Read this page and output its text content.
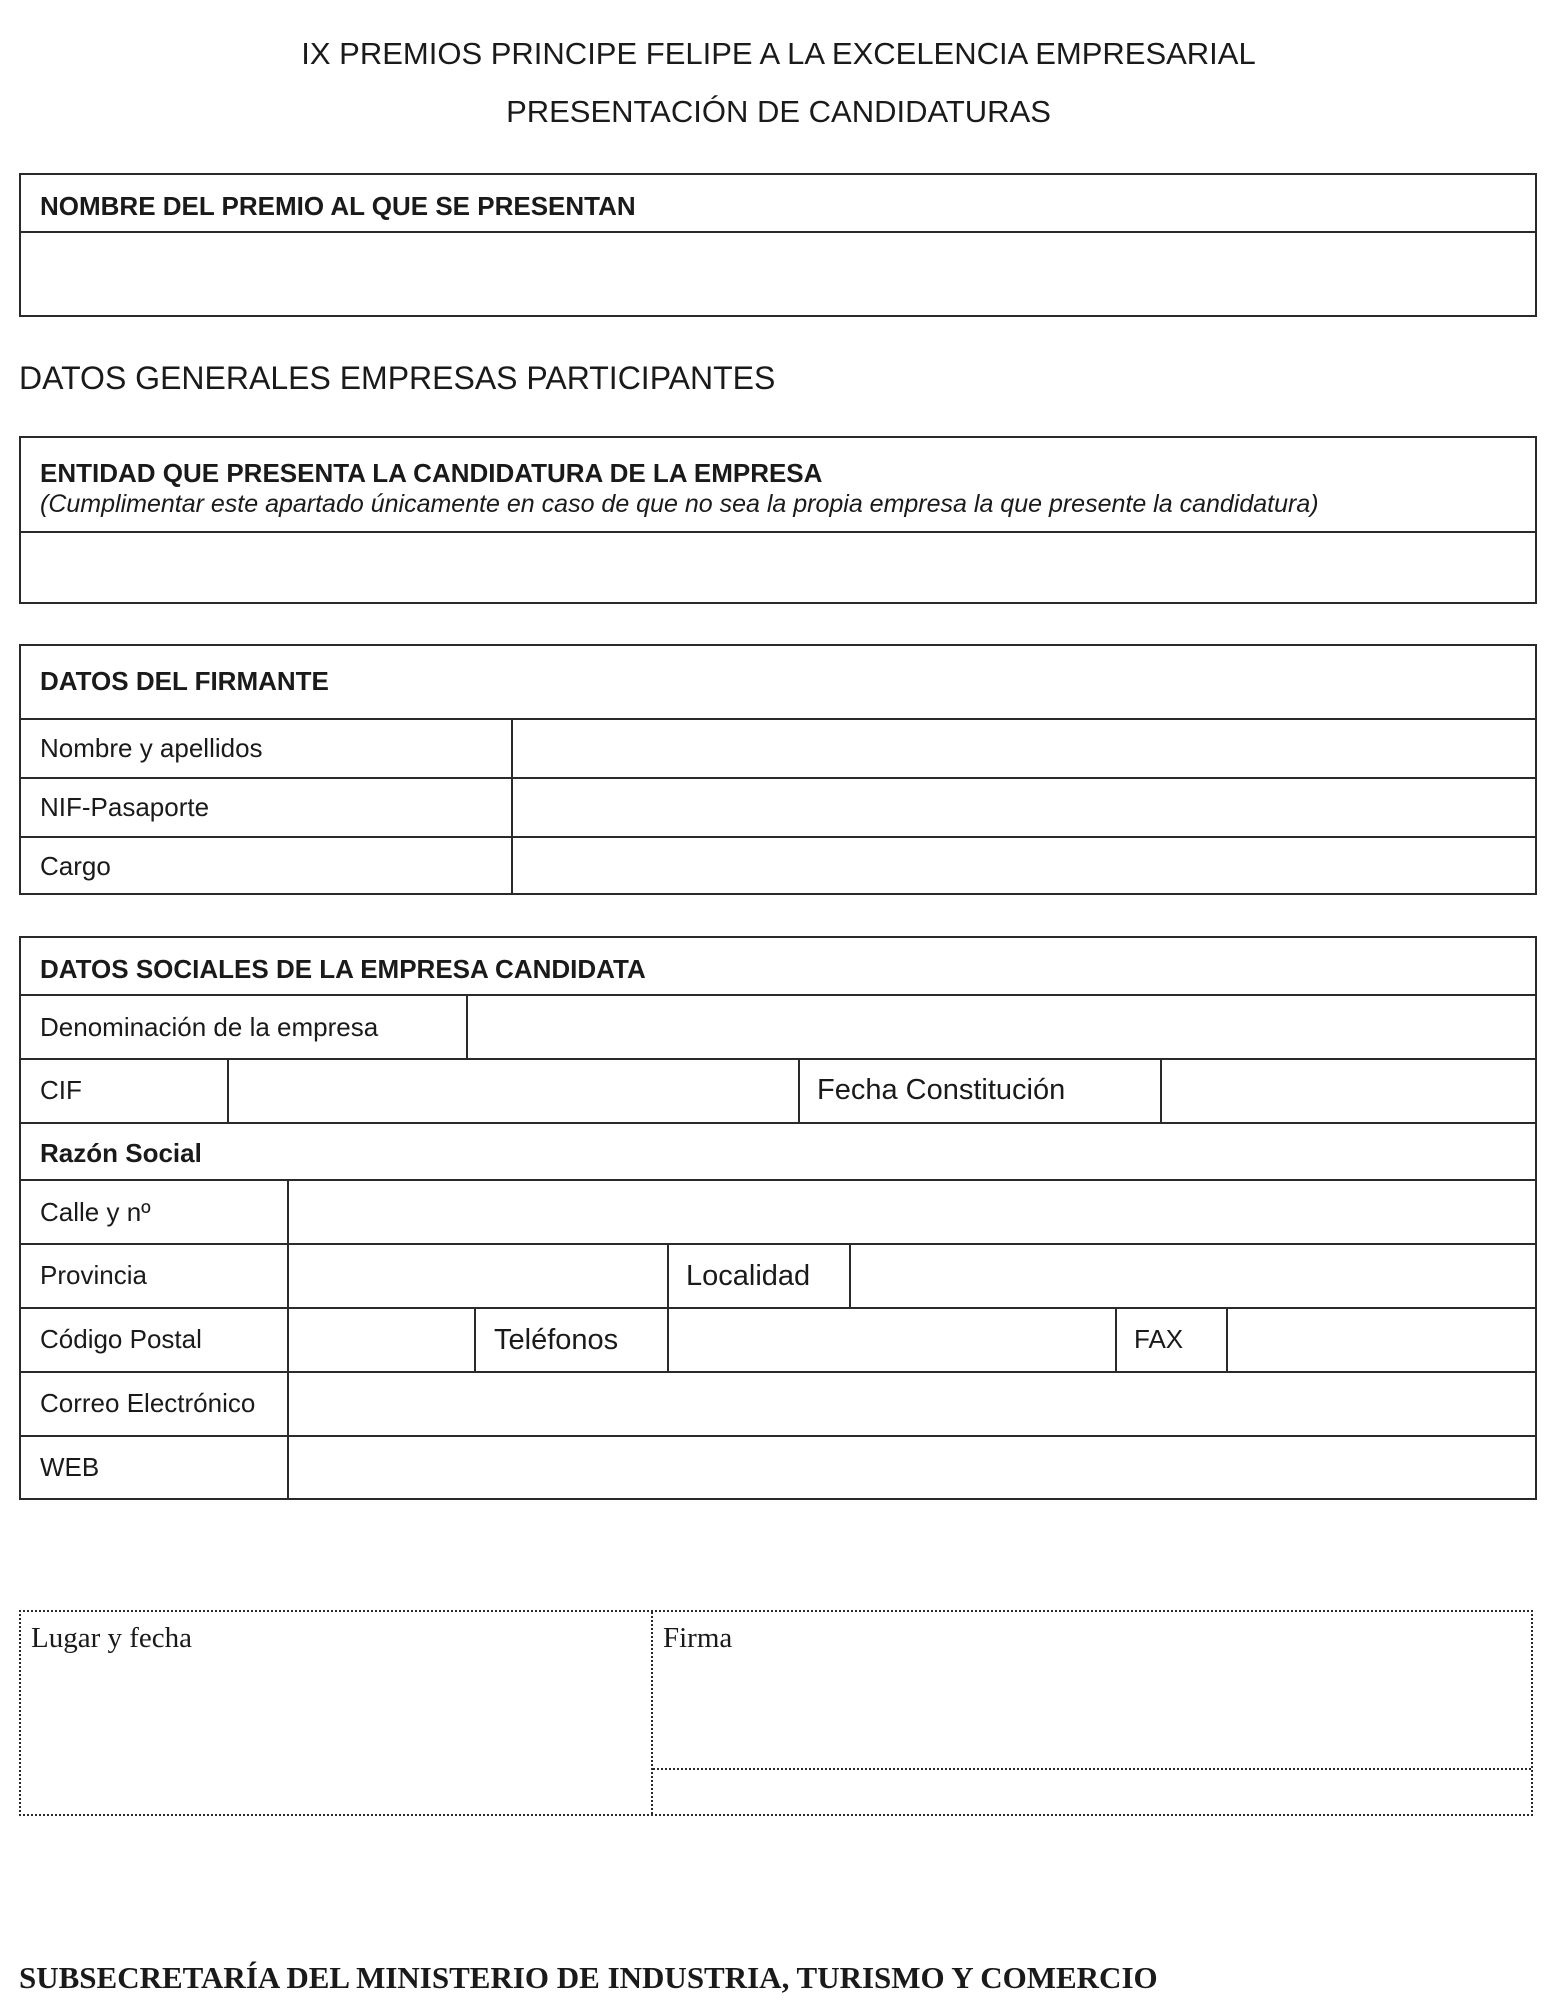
IX PREMIOS PRINCIPE FELIPE A LA EXCELENCIA EMPRESARIAL
PRESENTACIÓN DE CANDIDATURAS
NOMBRE DEL PREMIO AL QUE SE PRESENTAN
DATOS GENERALES EMPRESAS PARTICIPANTES
ENTIDAD QUE PRESENTA LA CANDIDATURA DE LA EMPRESA
(Cumplimentar este apartado únicamente en caso de que no sea la propia empresa la que presente la candidatura)
DATOS DEL FIRMANTE
Nombre y apellidos
NIF-Pasaporte
Cargo
DATOS SOCIALES DE LA EMPRESA CANDIDATA
Denominación de la empresa
CIF	Fecha Constitución
Razón Social
Calle y nº
Provincia	Localidad
Código Postal	Teléfonos	FAX
Correo Electrónico
WEB
Lugar y fecha	Firma
SUBSECRETARÍA DEL MINISTERIO DE INDUSTRIA, TURISMO Y COMERCIO
